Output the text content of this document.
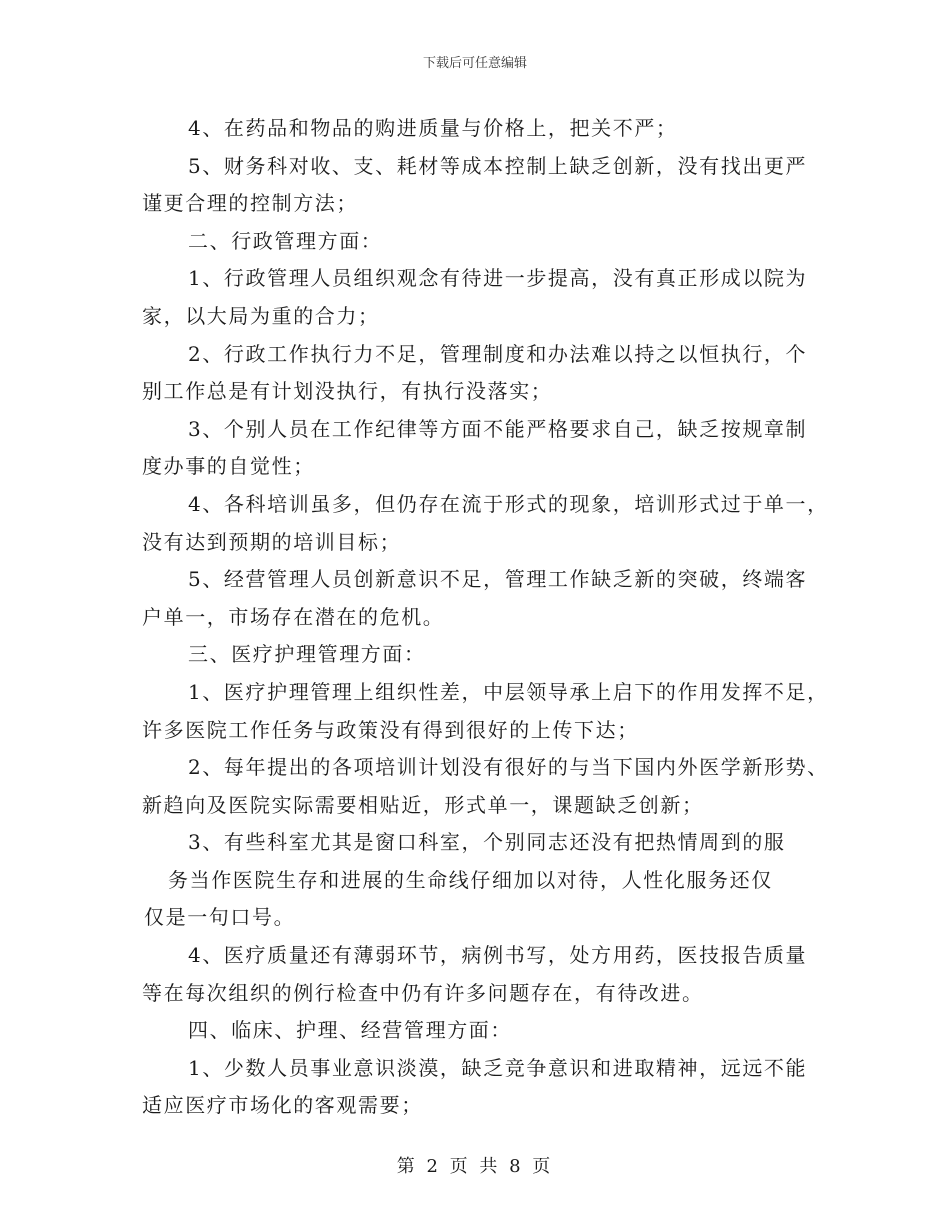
下载后可任意编辑
4、在药品和物品的购进质量与价格上，把关不严；
5、财务科对收、支、耗材等成本控制上缺乏创新，没有找出更严
谨更合理的控制方法；
二、行政管理方面：
1、行政管理人员组织观念有待进一步提高，没有真正形成以院为
家，以大局为重的合力；
2、行政工作执行力不足，管理制度和办法难以持之以恒执行，个
别工作总是有计划没执行，有执行没落实；
3、个别人员在工作纪律等方面不能严格要求自己，缺乏按规章制
度办事的自觉性；
4、各科培训虽多，但仍存在流于形式的现象，培训形式过于单一，
没有达到预期的培训目标；
5、经营管理人员创新意识不足，管理工作缺乏新的突破，终端客
户单一，市场存在潜在的危机。
三、医疗护理管理方面：
1、医疗护理管理上组织性差，中层领导承上启下的作用发挥不足，
许多医院工作任务与政策没有得到很好的上传下达；
2、每年提出的各项培训计划没有很好的与当下国内外医学新形势、
新趋向及医院实际需要相贴近，形式单一，课题缺乏创新；
3、有些科室尤其是窗口科室，个别同志还没有把热情周到的服
务当作医院生存和进展的生命线仔细加以对待，人性化服务还仅
仅是一句口号。
4、医疗质量还有薄弱环节，病例书写，处方用药，医技报告质量
等在每次组织的例行检查中仍有许多问题存在，有待改进。
四、临床、护理、经营管理方面：
1、少数人员事业意识淡漠，缺乏竞争意识和进取精神，远远不能
适应医疗市场化的客观需要；
第 2 页 共 8 页
